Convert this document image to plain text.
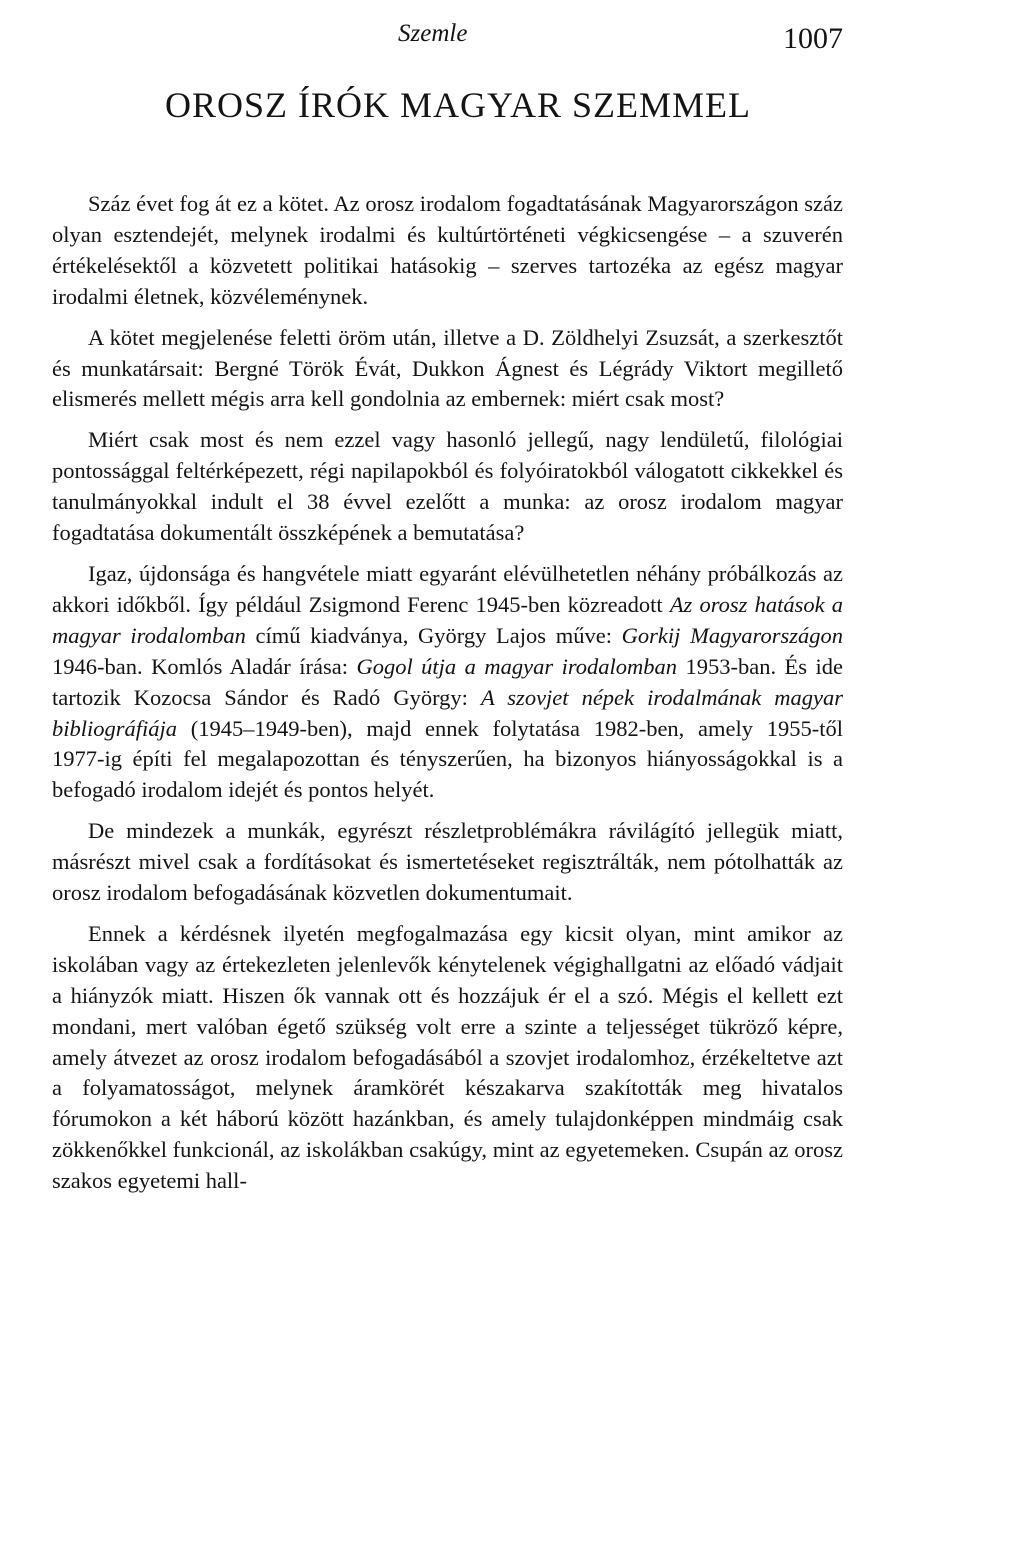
Szemle	1007
OROSZ ÍRÓK MAGYAR SZEMMEL

Száz évet fog át ez a kötet. Az orosz irodalom fogadtatásának Magyarországon száz olyan esztendejét, melynek irodalmi és kultúrtörténeti végkicsengése – a szuverén értékelésektől a közvetett politikai hatásokig – szerves tartozéka az egész magyar irodalmi életnek, közvéleménynek.

A kötet megjelenése feletti öröm után, illetve a D. Zöldhelyi Zsuzsát, a szerkesztőt és munkatársait: Bergné Török Évát, Dukkon Ágnest és Légrády Viktort megillető elismerés mellett mégis arra kell gondolnia az embernek: miért csak most?

Miért csak most és nem ezzel vagy hasonló jellegű, nagy lendületű, filológiai pontossággal feltérképezett, régi napilapokból és folyóiratokból válogatott cikkekkel és tanulmányokkal indult el 38 évvel ezelőtt a munka: az orosz irodalom magyar fogadtatása dokumentált összképének a bemutatása?

Igaz, újdonsága és hangvétele miatt egyaránt elévülhetetlen néhány próbálkozás az akkori időkből. Így például Zsigmond Ferenc 1945-ben közreadott Az orosz hatások a magyar irodalomban című kiadványa, György Lajos műve: Gorkij Magyarországon 1946-ban. Komlós Aladár írása: Gogol útja a magyar irodalomban 1953-ban. És ide tartozik Kozocsa Sándor és Radó György: A szovjet népek irodalmának magyar bibliográfiája (1945–1949-ben), majd ennek folytatása 1982-ben, amely 1955-től 1977-ig építi fel megalapozottan és tényszerűen, ha bizonyos hiányosságokkal is a befogadó irodalom idejét és pontos helyét.

De mindezek a munkák, egyrészt részletproblémákra rávilágító jellegük miatt, másrészt mivel csak a fordításokat és ismertetéseket regisztrálták, nem pótolhatták az orosz irodalom befogadásának közvetlen dokumentumait.

Ennek a kérdésnek ilyetén megfogalmazása egy kicsit olyan, mint amikor az iskolában vagy az értekezleten jelenlevők kénytelenek végighallgatni az előadó vádjait a hiányzók miatt. Hiszen ők vannak ott és hozzájuk ér el a szó. Mégis el kellett ezt mondani, mert valóban égető szükség volt erre a szinte a teljességet tükröző képre, amely átvezet az orosz irodalom befogadásából a szovjet irodalomhoz, érzékeltetve azt a folyamatosságot, melynek áramkörét készakarva szakították meg hivatalos fórumokon a két háború között hazánkban, és amely tulajdonképpen mindmáig csak zökkenőkkel funkcionál, az iskolákban csakúgy, mint az egyetemeken. Csupán az orosz szakos egyetemi hall-
